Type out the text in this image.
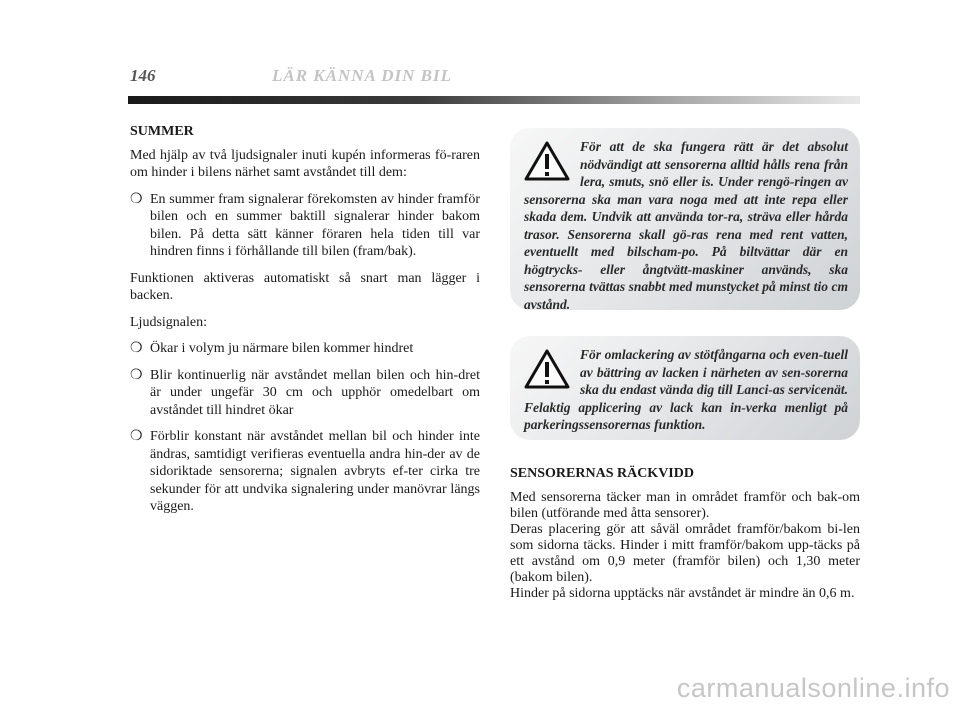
146	LÄR KÄNNA DIN BIL
SUMMER

Med hjälp av två ljudsignaler inuti kupén informeras fö-raren om hinder i bilens närhet samt avståndet till dem:

❍ En summer fram signalerar förekomsten av hinder framför bilen och en summer baktill signalerar hinder bakom bilen. På detta sätt känner föraren hela tiden till var hindren finns i förhållande till bilen (fram/bak).

Funktionen aktiveras automatiskt så snart man lägger i backen.

Ljudsignalen:

❍ Ökar i volym ju närmare bilen kommer hindret
❍ Blir kontinuerlig när avståndet mellan bilen och hin-dret är under ungefär 30 cm och upphör omedelbart om avståndet till hindret ökar
❍ Förblir konstant när avståndet mellan bil och hinder inte ändras, samtidigt verifieras eventuella andra hin-der av de sidoriktade sensorerna; signalen avbryts ef-ter cirka tre sekunder för att undvika signalering under manövrar längs väggen.
För att de ska fungera rätt är det absolut nödvändigt att sensorerna alltid hålls rena från lera, smuts, snö eller is. Under rengö-ringen av sensorerna ska man vara noga med att inte repa eller skada dem. Undvik att använda tor-ra, sträva eller hårda trasor. Sensorerna skall gö-ras rena med rent vatten, eventuellt med bilscham-po. På biltvättar där en högtrycks- eller ångtvätt-maskiner används, ska sensorerna tvättas snabbt med munstycket på minst tio cm avstånd.
För omlackering av stötfångarna och even-tuell av bättring av lacken i närheten av sen-sorerna ska du endast vända dig till Lanci-as servicenät. Felaktig applicering av lack kan in-verka menligt på parkeringssensorernas funktion.
SENSORERNAS RÄCKVIDD

Med sensorerna täcker man in området framför och bak-om bilen (utförande med åtta sensorer).

Deras placering gör att såväl området framför/bakom bi-len som sidorna täcks. Hinder i mitt framför/bakom upp-täcks på ett avstånd om 0,9 meter (framför bilen) och 1,30 meter (bakom bilen).

Hinder på sidorna upptäcks när avståndet är mindre än 0,6 m.

carmanualsonline.info
